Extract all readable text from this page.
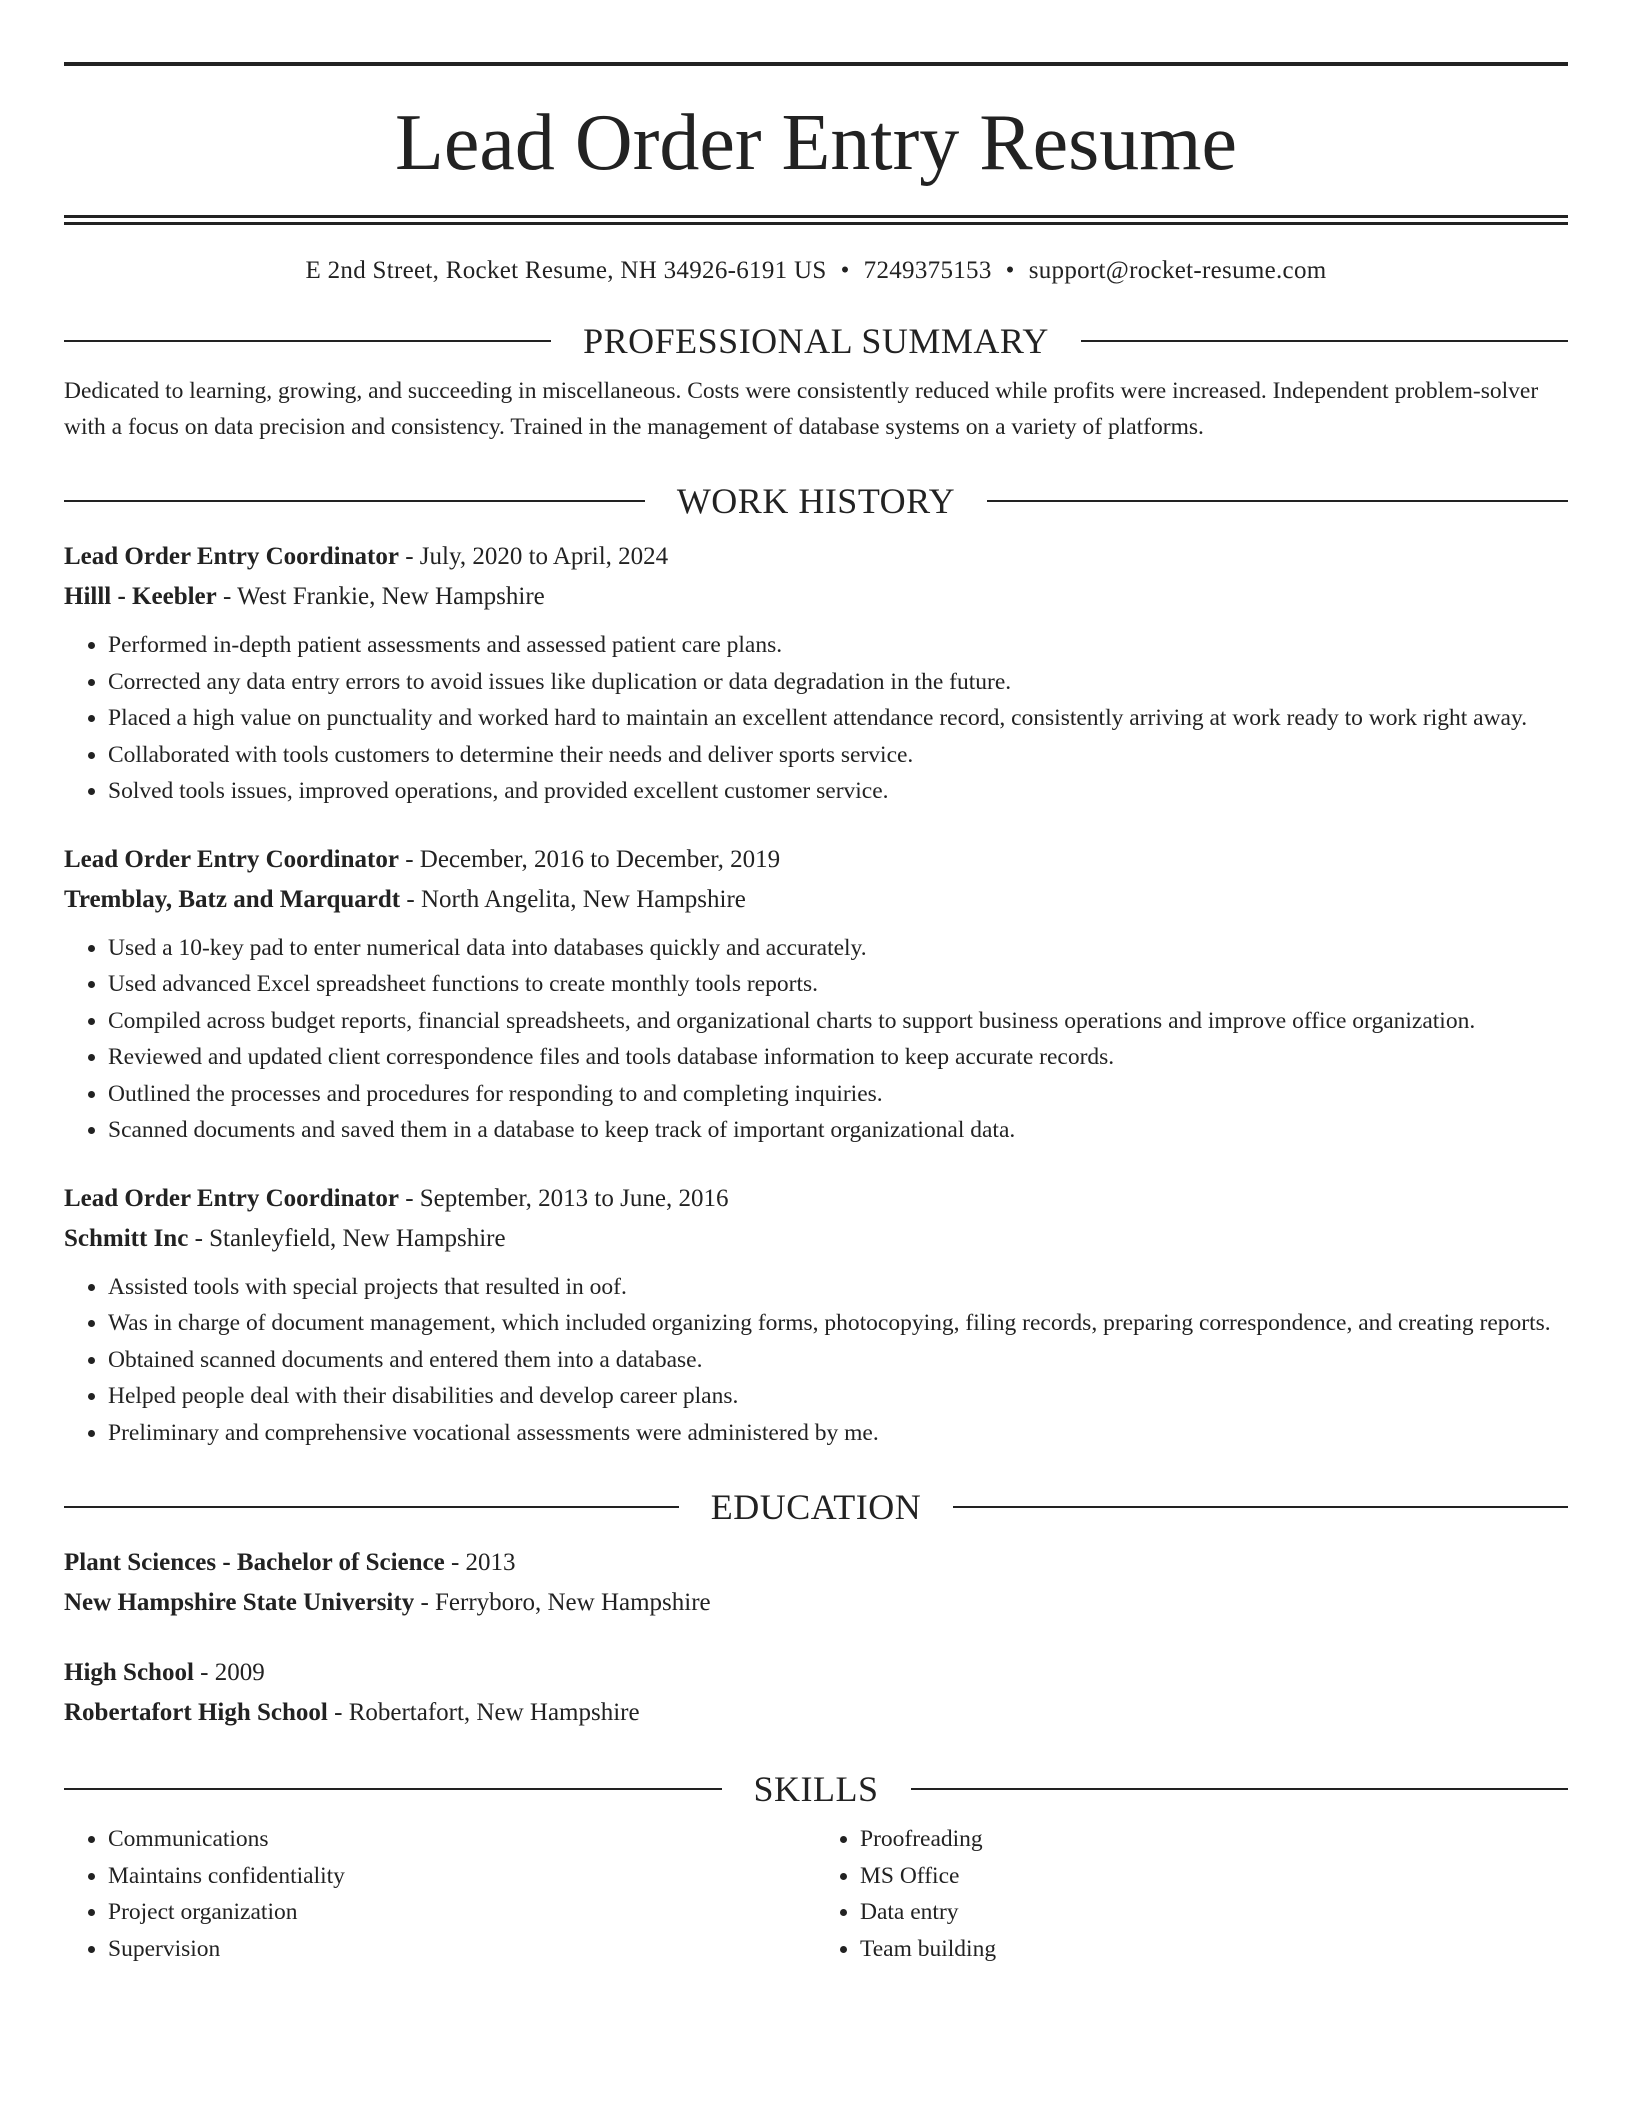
Lead Order Entry Resume
E 2nd Street, Rocket Resume, NH 34926-6191 US • 7249375153 • support@rocket-resume.com
PROFESSIONAL SUMMARY

Dedicated to learning, growing, and succeeding in miscellaneous. Costs were consistently reduced while profits were increased. Independent problem-solver with a focus on data precision and consistency. Trained in the management of database systems on a variety of platforms.

WORK HISTORY
Lead Order Entry Coordinator - July, 2020 to April, 2024
Hilll - Keebler - West Frankie, New Hampshire
• Performed in-depth patient assessments and assessed patient care plans.
• Corrected any data entry errors to avoid issues like duplication or data degradation in the future.
• Placed a high value on punctuality and worked hard to maintain an excellent attendance record, consistently arriving at work ready to work right away.
• Collaborated with tools customers to determine their needs and deliver sports service.
• Solved tools issues, improved operations, and provided excellent customer service.
Lead Order Entry Coordinator - December, 2016 to December, 2019
Tremblay, Batz and Marquardt - North Angelita, New Hampshire
• Used a 10-key pad to enter numerical data into databases quickly and accurately.
• Used advanced Excel spreadsheet functions to create monthly tools reports.
• Compiled across budget reports, financial spreadsheets, and organizational charts to support business operations and improve office organization.
• Reviewed and updated client correspondence files and tools database information to keep accurate records.
• Outlined the processes and procedures for responding to and completing inquiries.
• Scanned documents and saved them in a database to keep track of important organizational data.
Lead Order Entry Coordinator - September, 2013 to June, 2016
Schmitt Inc - Stanleyfield, New Hampshire
• Assisted tools with special projects that resulted in oof.
• Was in charge of document management, which included organizing forms, photocopying, filing records, preparing correspondence, and creating reports.
• Obtained scanned documents and entered them into a database.
• Helped people deal with their disabilities and develop career plans.
• Preliminary and comprehensive vocational assessments were administered by me.
EDUCATION
Plant Sciences - Bachelor of Science - 2013
New Hampshire State University - Ferryboro, New Hampshire
High School - 2009
Robertafort High School - Robertafort, New Hampshire
SKILLS
• Communications
• Maintains confidentiality
• Project organization
• Supervision
• Proofreading
• MS Office
• Data entry
• Team building
